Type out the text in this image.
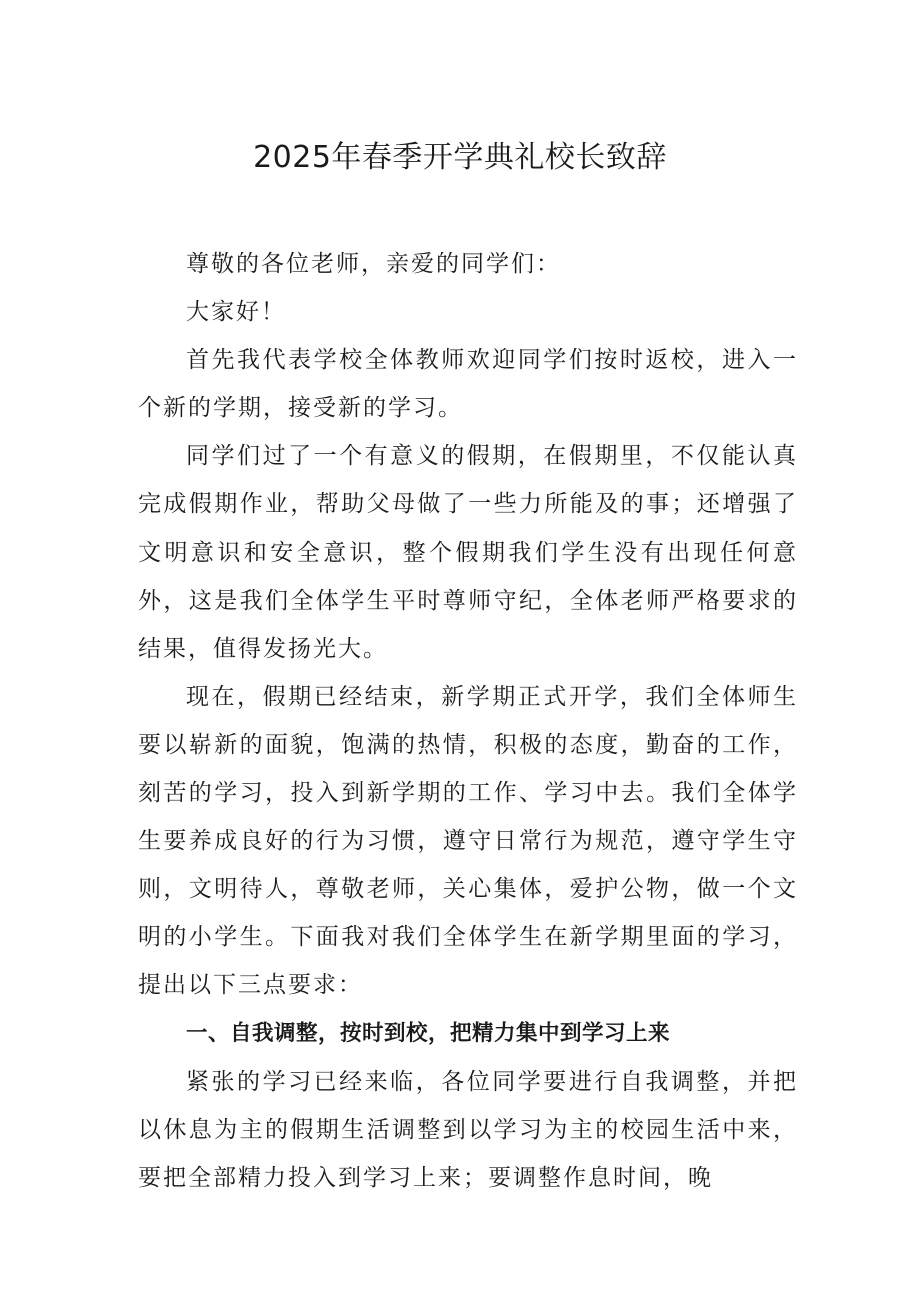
2025年春季开学典礼校长致辞

尊敬的各位老师，亲爱的同学们：

大家好！

首先我代表学校全体教师欢迎同学们按时返校，进入一个新的学期，接受新的学习。

同学们过了一个有意义的假期，在假期里，不仅能认真完成假期作业，帮助父母做了一些力所能及的事；还增强了文明意识和安全意识，整个假期我们学生没有出现任何意外，这是我们全体学生平时尊师守纪，全体老师严格要求的结果，值得发扬光大。

现在，假期已经结束，新学期正式开学，我们全体师生要以崭新的面貌，饱满的热情，积极的态度，勤奋的工作，刻苦的学习，投入到新学期的工作、学习中去。我们全体学生要养成良好的行为习惯，遵守日常行为规范，遵守学生守则，文明待人，尊敬老师，关心集体，爱护公物，做一个文明的小学生。下面我对我们全体学生在新学期里面的学习，提出以下三点要求：

一、自我调整，按时到校，把精力集中到学习上来

紧张的学习已经来临，各位同学要进行自我调整，并把以休息为主的假期生活调整到以学习为主的校园生活中来，要把全部精力投入到学习上来；要调整作息时间，晚
